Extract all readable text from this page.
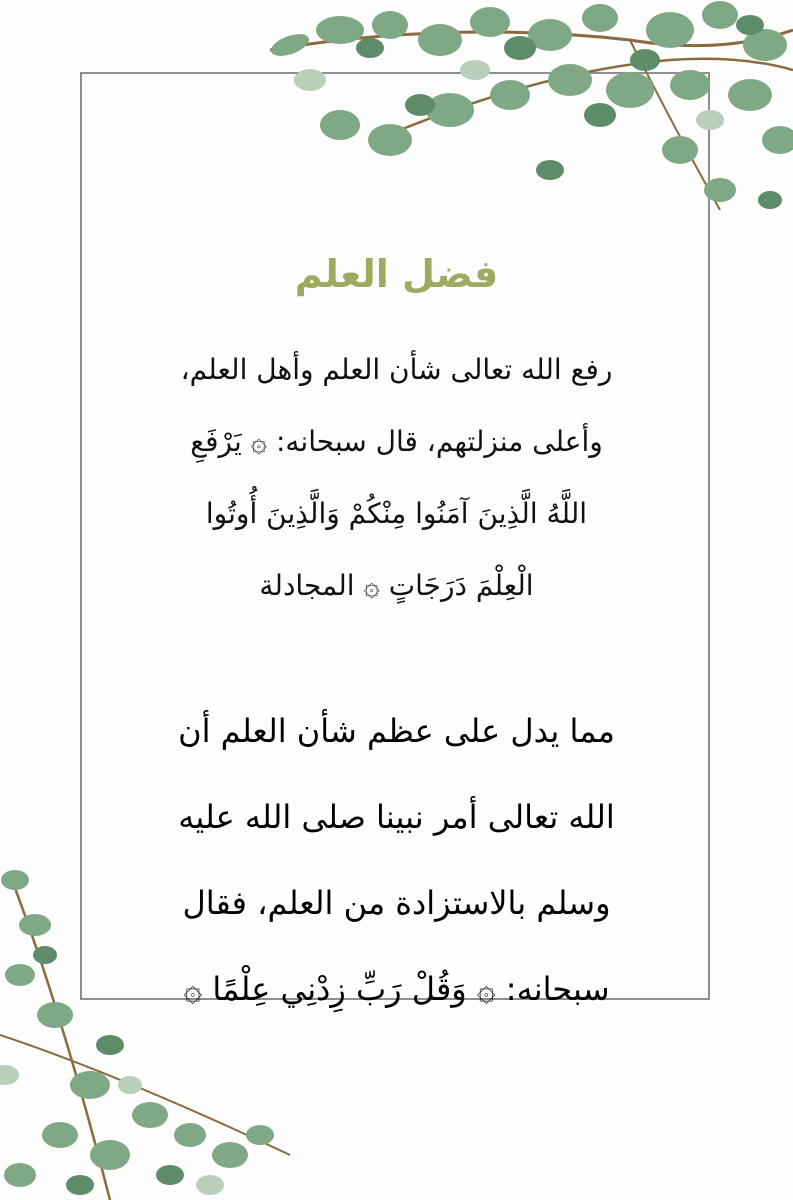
فضل العلم
رفع الله تعالى شأن العلم وأهل العلم،
وأعلى منزلتهم، قال سبحانه: ۞ يَرْفَعِ
اللَّهُ الَّذِينَ آمَنُوا مِنْكُمْ وَالَّذِينَ أُوتُوا
الْعِلْمَ دَرَجَاتٍ ۞ المجادلة
مما يدل على عظم شأن العلم أن
الله تعالى أمر نبينا صلى الله عليه
وسلم بالاستزادة من العلم، فقال
سبحانه: ۞ وَقُلْ رَبِّ زِدْنِي عِلْمًا ۞
